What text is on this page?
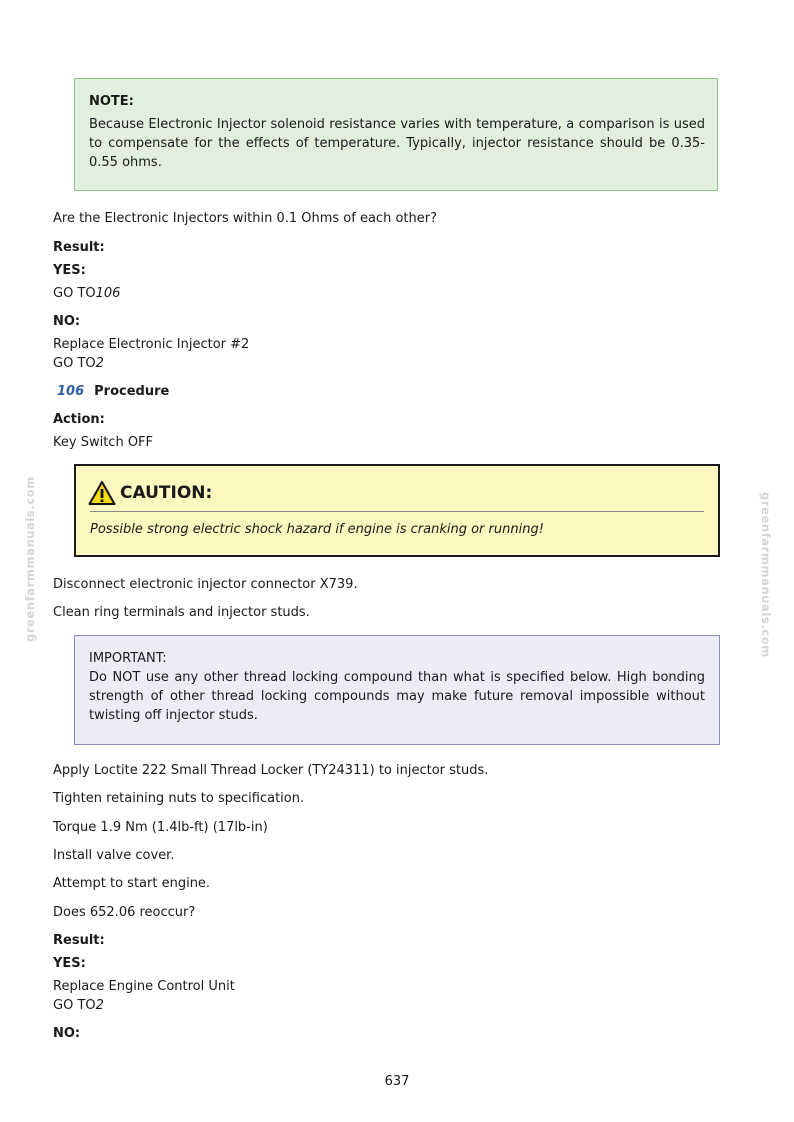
NOTE:
Because Electronic Injector solenoid resistance varies with temperature, a comparison is used to compensate for the effects of temperature. Typically, injector resistance should be 0.35-0.55 ohms.

Are the Electronic Injectors within 0.1 Ohms of each other?

Result:

YES:

GO TO106

NO:

Replace Electronic Injector #2

GO TO2

106 Procedure

Action:

Key Switch OFF

CAUTION:
Possible strong electric shock hazard if engine is cranking or running!

Disconnect electronic injector connector X739.

Clean ring terminals and injector studs.

IMPORTANT:
Do NOT use any other thread locking compound than what is specified below. High bonding strength of other thread locking compounds may make future removal impossible without twisting off injector studs.

Apply Loctite 222 Small Thread Locker (TY24311) to injector studs.

Tighten retaining nuts to specification.

Torque 1.9 Nm (1.4lb-ft) (17lb-in)

Install valve cover.

Attempt to start engine.

Does 652.06 reoccur?

Result:

YES:

Replace Engine Control Unit

GO TO2

NO:

greenfarmmanuals.com	greenfarmmanuals.com
637
